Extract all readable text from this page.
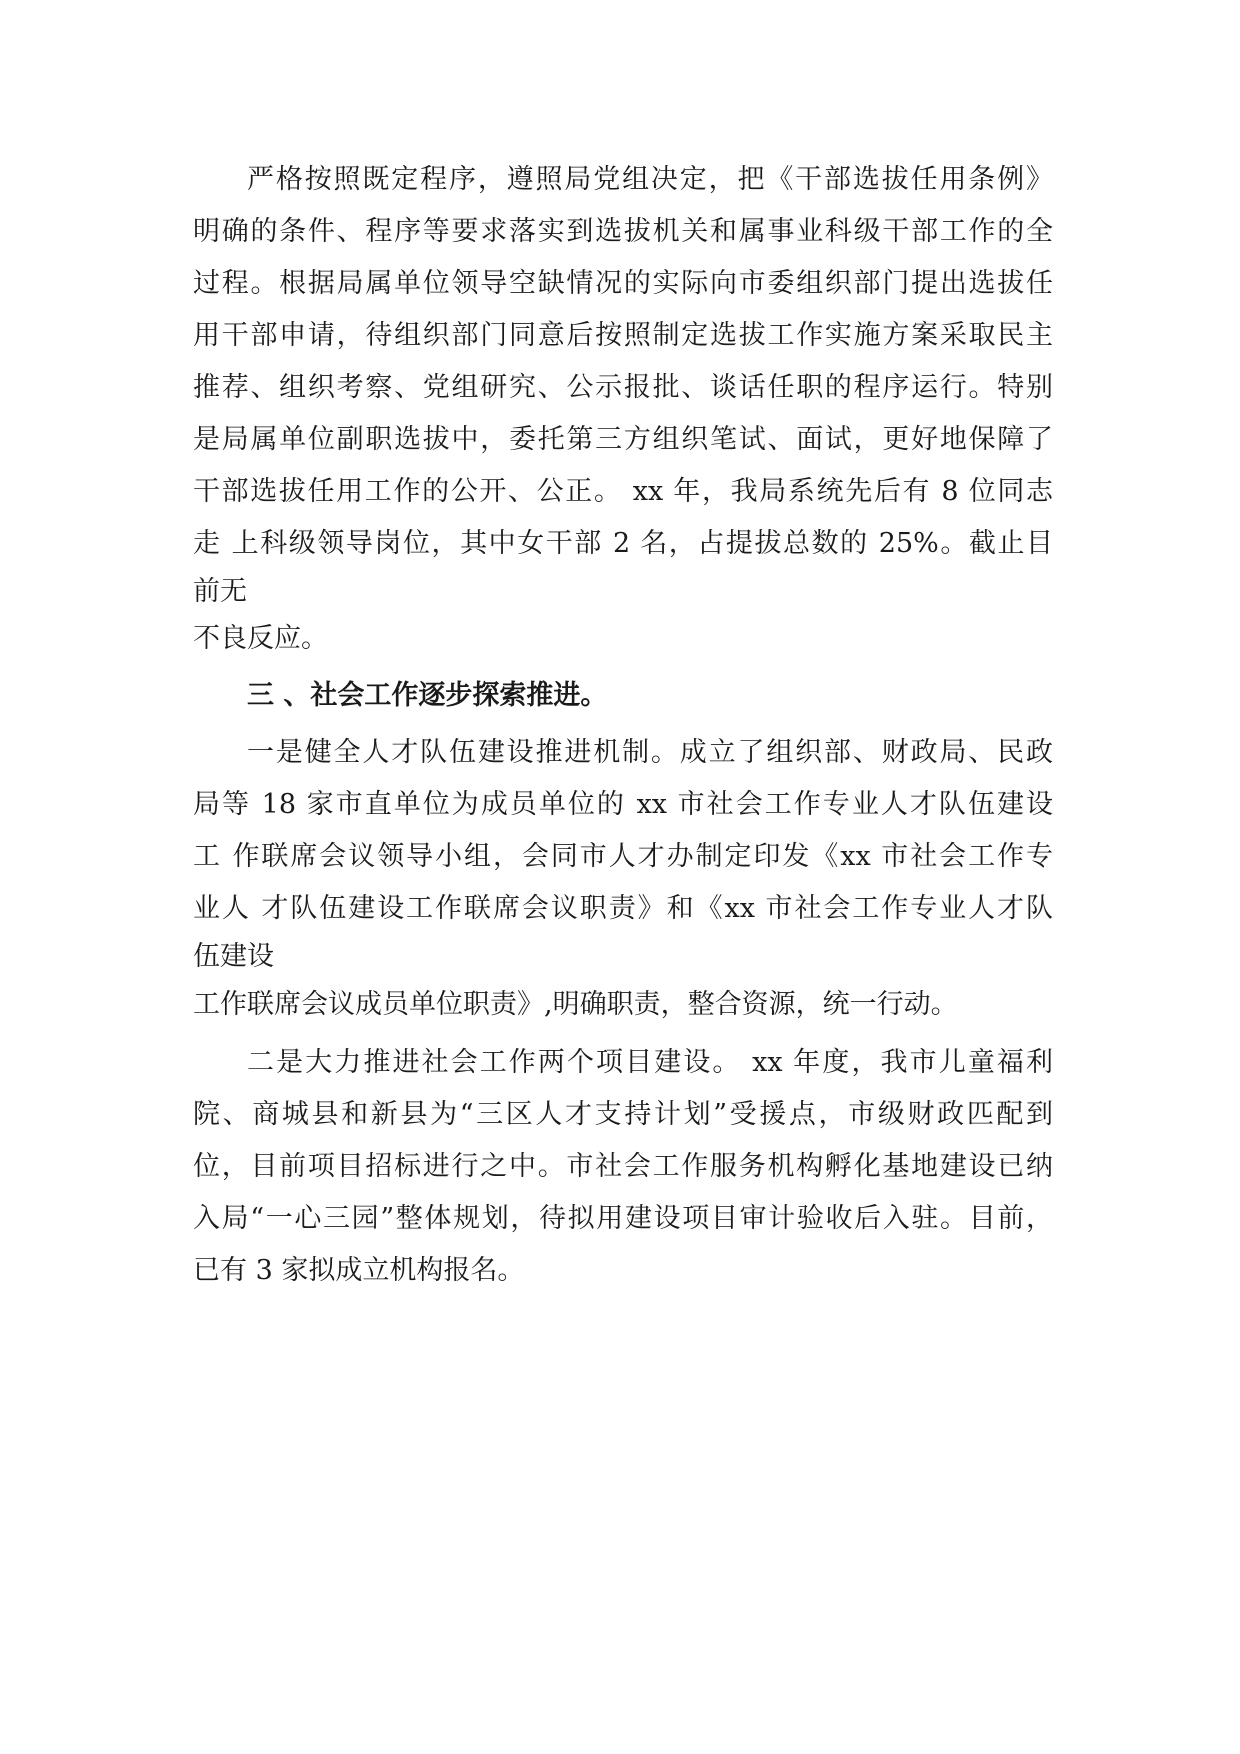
严格按照既定程序，遵照局党组决定，把《干部选拔任用条例》
明确的条件、程序等要求落实到选拔机关和属事业科级干部工作的全
过程。根据局属单位领导空缺情况的实际向市委组织部门提出选拔任
用干部申请，待组织部门同意后按照制定选拔工作实施方案采取民主
推荐、组织考察、党组研究、公示报批、谈话任职的程序运行。特别
是局属单位副职选拔中，委托第三方组织笔试、面试，更好地保障了
干部选拔任用工作的公开、公正。 xx 年，我局系统先后有 8 位同志
走 上科级领导岗位，其中女干部 2 名，占提拔总数的 25%。截止目
前无
不良反应。
三 、社会工作逐步探索推进。
一是健全人才队伍建设推进机制。成立了组织部、财政局、民政
局等 18 家市直单位为成员单位的 xx 市社会工作专业人才队伍建设
工 作联席会议领导小组，会同市人才办制定印发《xx 市社会工作专
业人 才队伍建设工作联席会议职责》和《xx 市社会工作专业人才队
伍建设
工作联席会议成员单位职责》,明确职责，整合资源，统一行动。
二是大力推进社会工作两个项目建设。 xx 年度，我市儿童福利
院、商城县和新县为“三区人才支持计划”受援点，市级财政匹配到
位，目前项目招标进行之中。市社会工作服务机构孵化基地建设已纳
入局“一心三园”整体规划，待拟用建设项目审计验收后入驻。目前，
已有 3 家拟成立机构报名。
